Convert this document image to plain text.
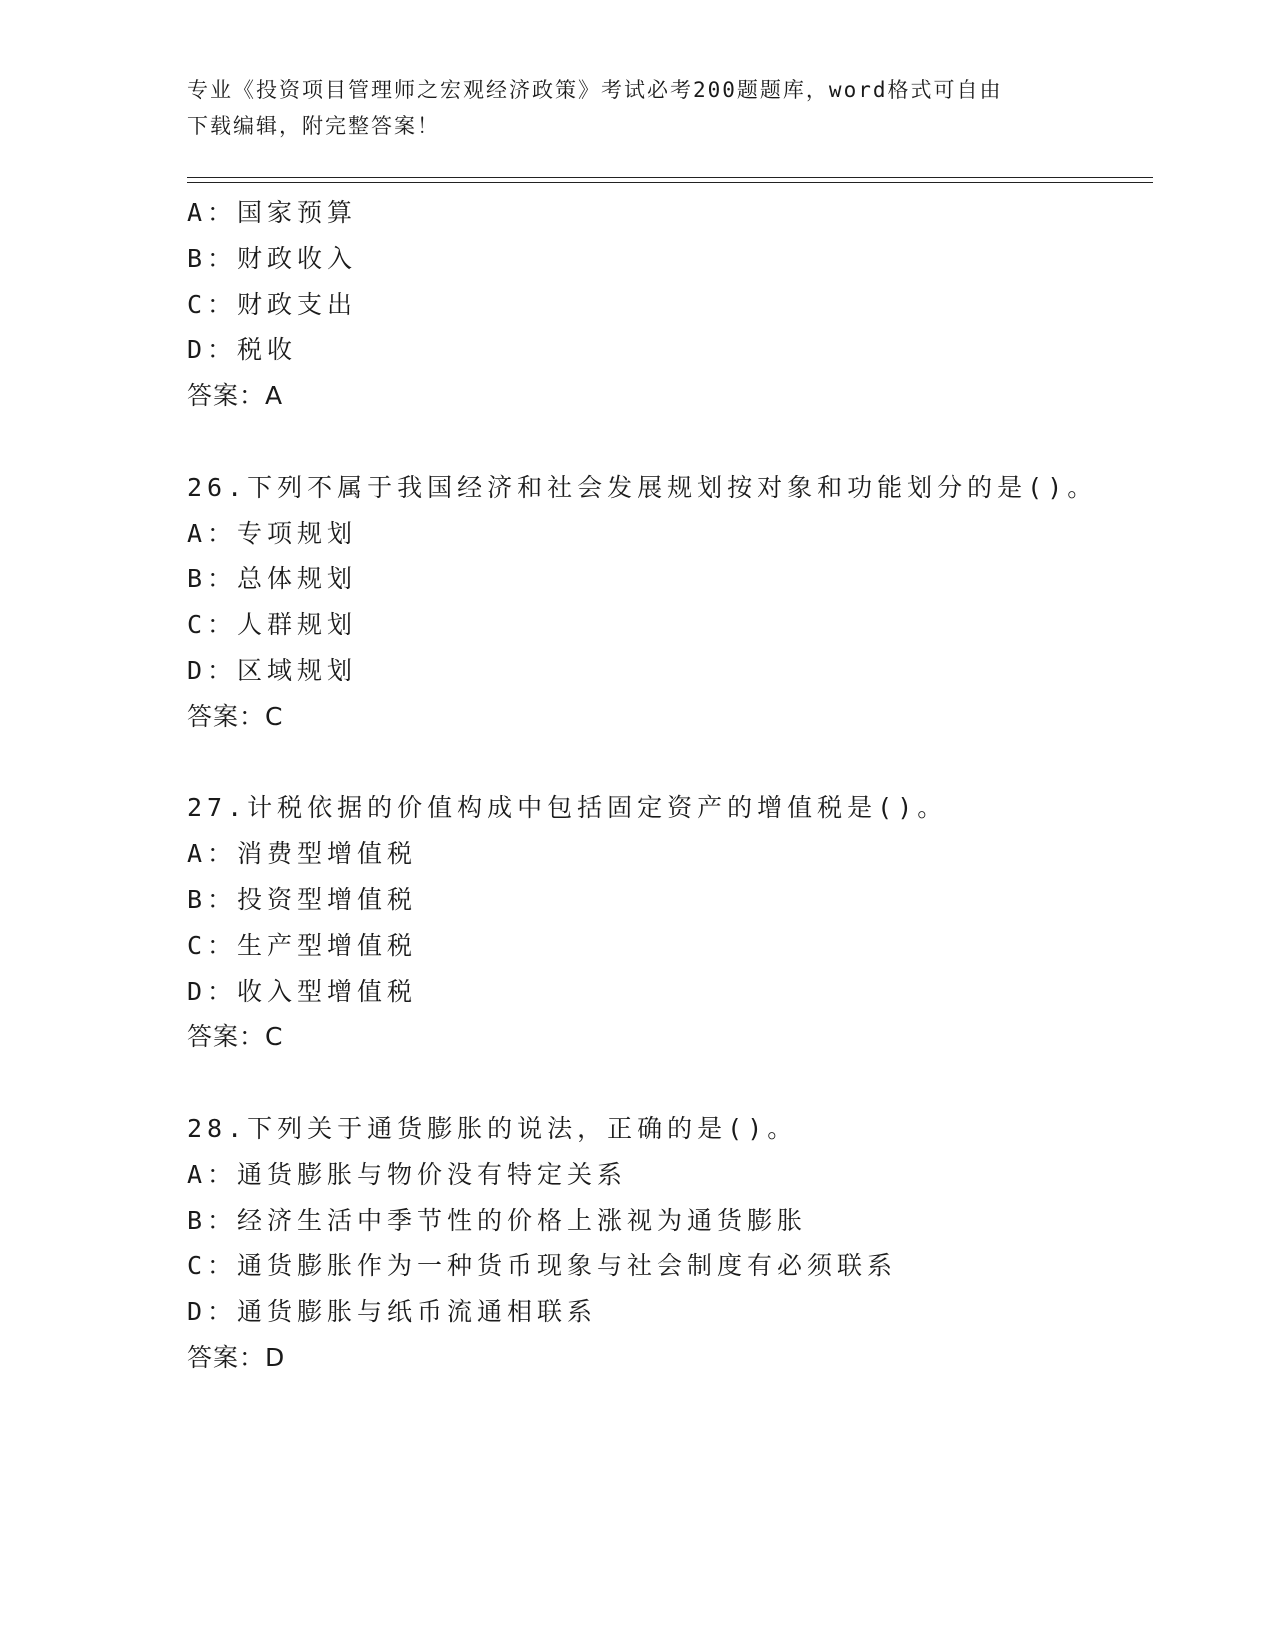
专业《投资项目管理师之宏观经济政策》考试必考200题题库，word格式可自由
下载编辑，附完整答案！
A：国家预算
B：财政收入
C：财政支出
D：税收
答案：A
26.下列不属于我国经济和社会发展规划按对象和功能划分的是()。
A：专项规划
B：总体规划
C：人群规划
D：区域规划
答案：C
27.计税依据的价值构成中包括固定资产的增值税是()。
A：消费型增值税
B：投资型增值税
C：生产型增值税
D：收入型增值税
答案：C
28.下列关于通货膨胀的说法，正确的是()。
A：通货膨胀与物价没有特定关系
B：经济生活中季节性的价格上涨视为通货膨胀
C：通货膨胀作为一种货币现象与社会制度有必须联系
D：通货膨胀与纸币流通相联系
答案：D
